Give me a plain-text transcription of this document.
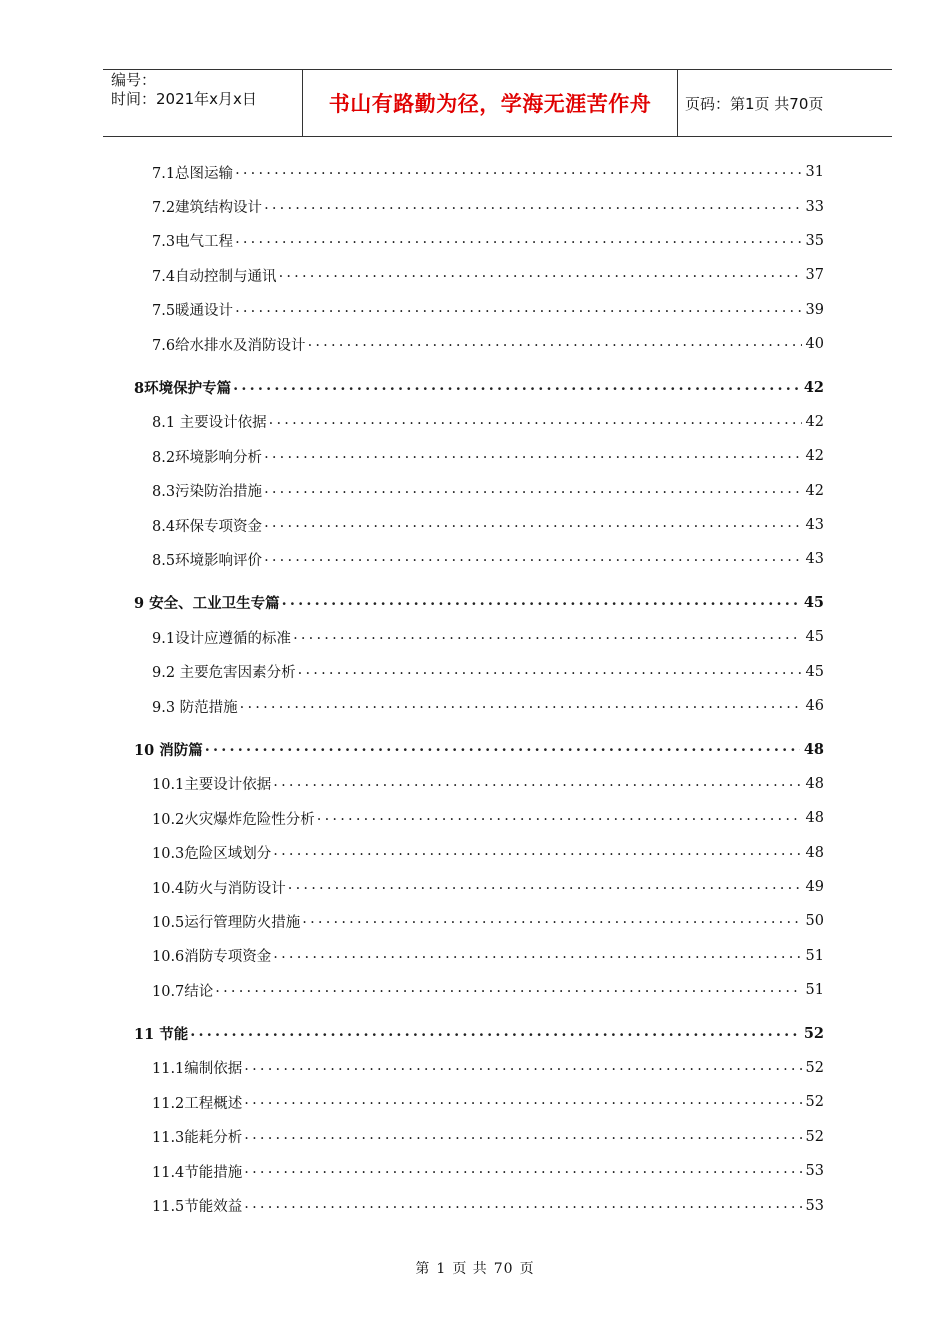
编号：
时间：2021年x月x日	书山有路勤为径，学海无涯苦作舟	页码：第1页 共70页
7.1总图运输 .....	31
7.2建筑结构设计 .....	33
7.3电气工程 .....	35
7.4自动控制与通讯 .....	37
7.5暖通设计 .....	39
7.6给水排水及消防设计 .....	40
8环境保护专篇 .....	42
8.1 主要设计依据 .....	42
8.2环境影响分析 .....	42
8.3污染防治措施 .....	42
8.4环保专项资金 .....	43
8.5环境影响评价 .....	43
9 安全、工业卫生专篇 .....	45
9.1设计应遵循的标准 .....	45
9.2 主要危害因素分析 .....	45
9.3 防范措施 .....	46
10 消防篇 .....	48
10.1主要设计依据 .....	48
10.2火灾爆炸危险性分析 .....	48
10.3危险区域划分 .....	48
10.4防火与消防设计 .....	49
10.5运行管理防火措施 .....	50
10.6消防专项资金 .....	51
10.7结论 .....	51
11 节能 .....	52
11.1编制依据 .....	52
11.2工程概述 .....	52
11.3能耗分析 .....	52
11.4节能措施 .....	53
11.5节能效益 .....	53
第 1 页 共 70 页
